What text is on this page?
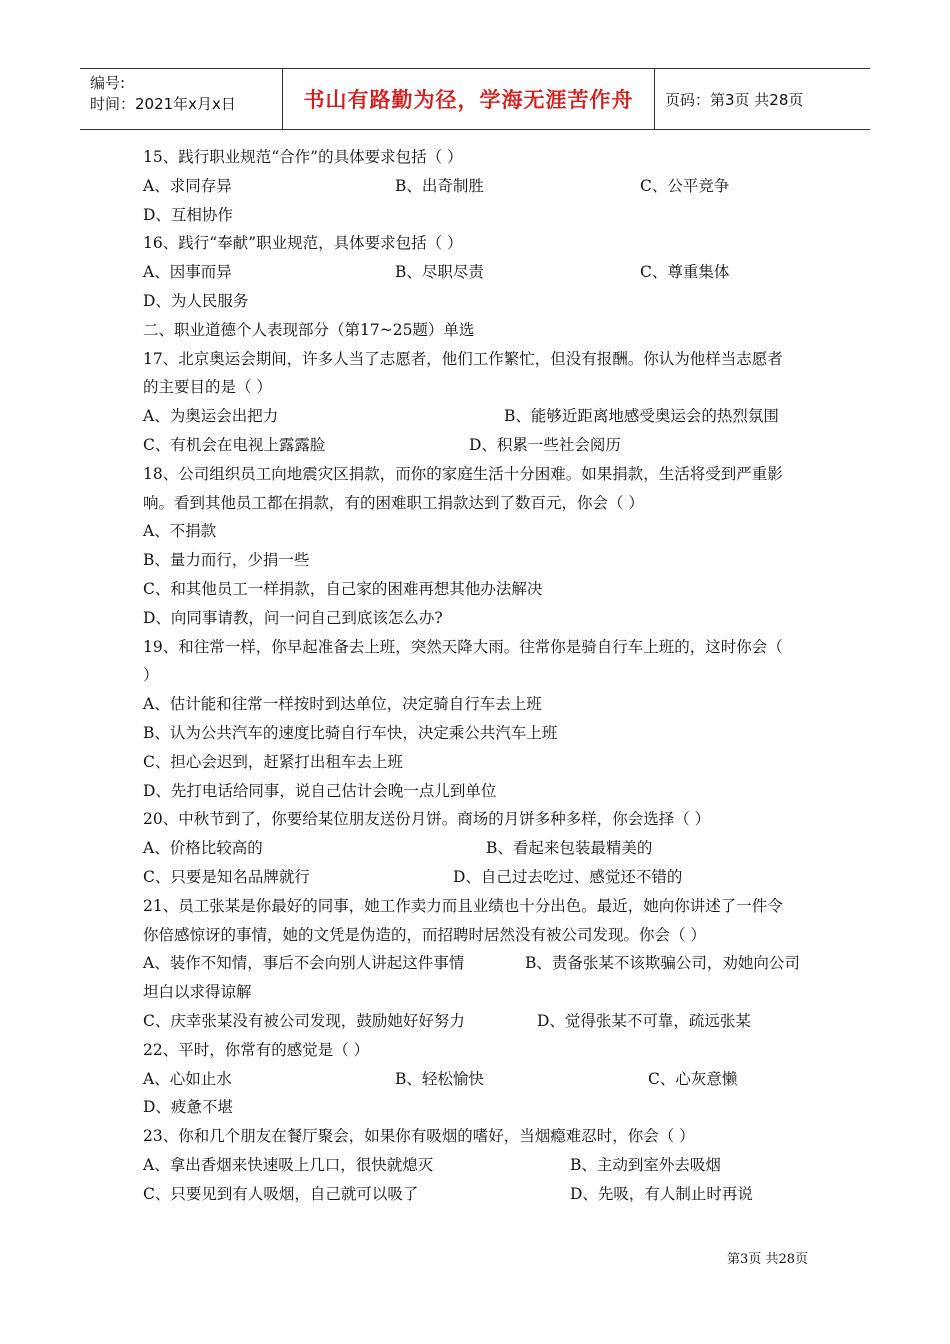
编号:
时间：2021年x月x日	书山有路勤为径，学海无涯苦作舟	页码：第3页 共28页
15、践行职业规范“合作”的具体要求包括（ ）
A、求同存异	B、出奇制胜	C、公平竞争
D、互相协作
16、践行“奉献”职业规范，具体要求包括（ ）
A、因事而异	B、尽职尽责	C、尊重集体
D、为人民服务
二、职业道德个人表现部分（第17~25题）单选
17、北京奥运会期间，许多人当了志愿者，他们工作繁忙，但没有报酬。你认为他样当志愿者
的主要目的是（ ）
A、为奥运会出把力	B、能够近距离地感受奥运会的热烈氛围
C、有机会在电视上露露脸	D、积累一些社会阅历
18、公司组织员工向地震灾区捐款，而你的家庭生活十分困难。如果捐款，生活将受到严重影
响。看到其他员工都在捐款，有的困难职工捐款达到了数百元，你会（ ）
A、不捐款
B、量力而行，少捐一些
C、和其他员工一样捐款，自己家的困难再想其他办法解决
D、向同事请教，问一问自己到底该怎么办?
19、和往常一样，你早起准备去上班，突然天降大雨。往常你是骑自行车上班的，这时你会（
）
A、估计能和往常一样按时到达单位，决定骑自行车去上班
B、认为公共汽车的速度比骑自行车快，决定乘公共汽车上班
C、担心会迟到，赶紧打出租车去上班
D、先打电话给同事，说自己估计会晚一点儿到单位
20、中秋节到了，你要给某位朋友送份月饼。商场的月饼多种多样，你会选择（ ）
A、价格比较高的	B、看起来包装最精美的
C、只要是知名品牌就行	D、自己过去吃过、感觉还不错的
21、员工张某是你最好的同事，她工作卖力而且业绩也十分出色。最近，她向你讲述了一件令
你倍感惊讶的事情，她的文凭是伪造的，而招聘时居然没有被公司发现。你会（ ）
A、装作不知情，事后不会向别人讲起这件事情	B、责备张某不该欺骗公司，劝她向公司
坦白以求得谅解
C、庆幸张某没有被公司发现，鼓励她好好努力	D、觉得张某不可靠，疏远张某
22、平时，你常有的感觉是（ ）
A、心如止水	B、轻松愉快	C、心灰意懒
D、疲惫不堪
23、你和几个朋友在餐厅聚会，如果你有吸烟的嗜好，当烟瘾难忍时，你会（ ）
A、拿出香烟来快速吸上几口，很快就熄灭	B、主动到室外去吸烟
C、只要见到有人吸烟，自己就可以吸了	D、先吸，有人制止时再说
第3页 共28页
